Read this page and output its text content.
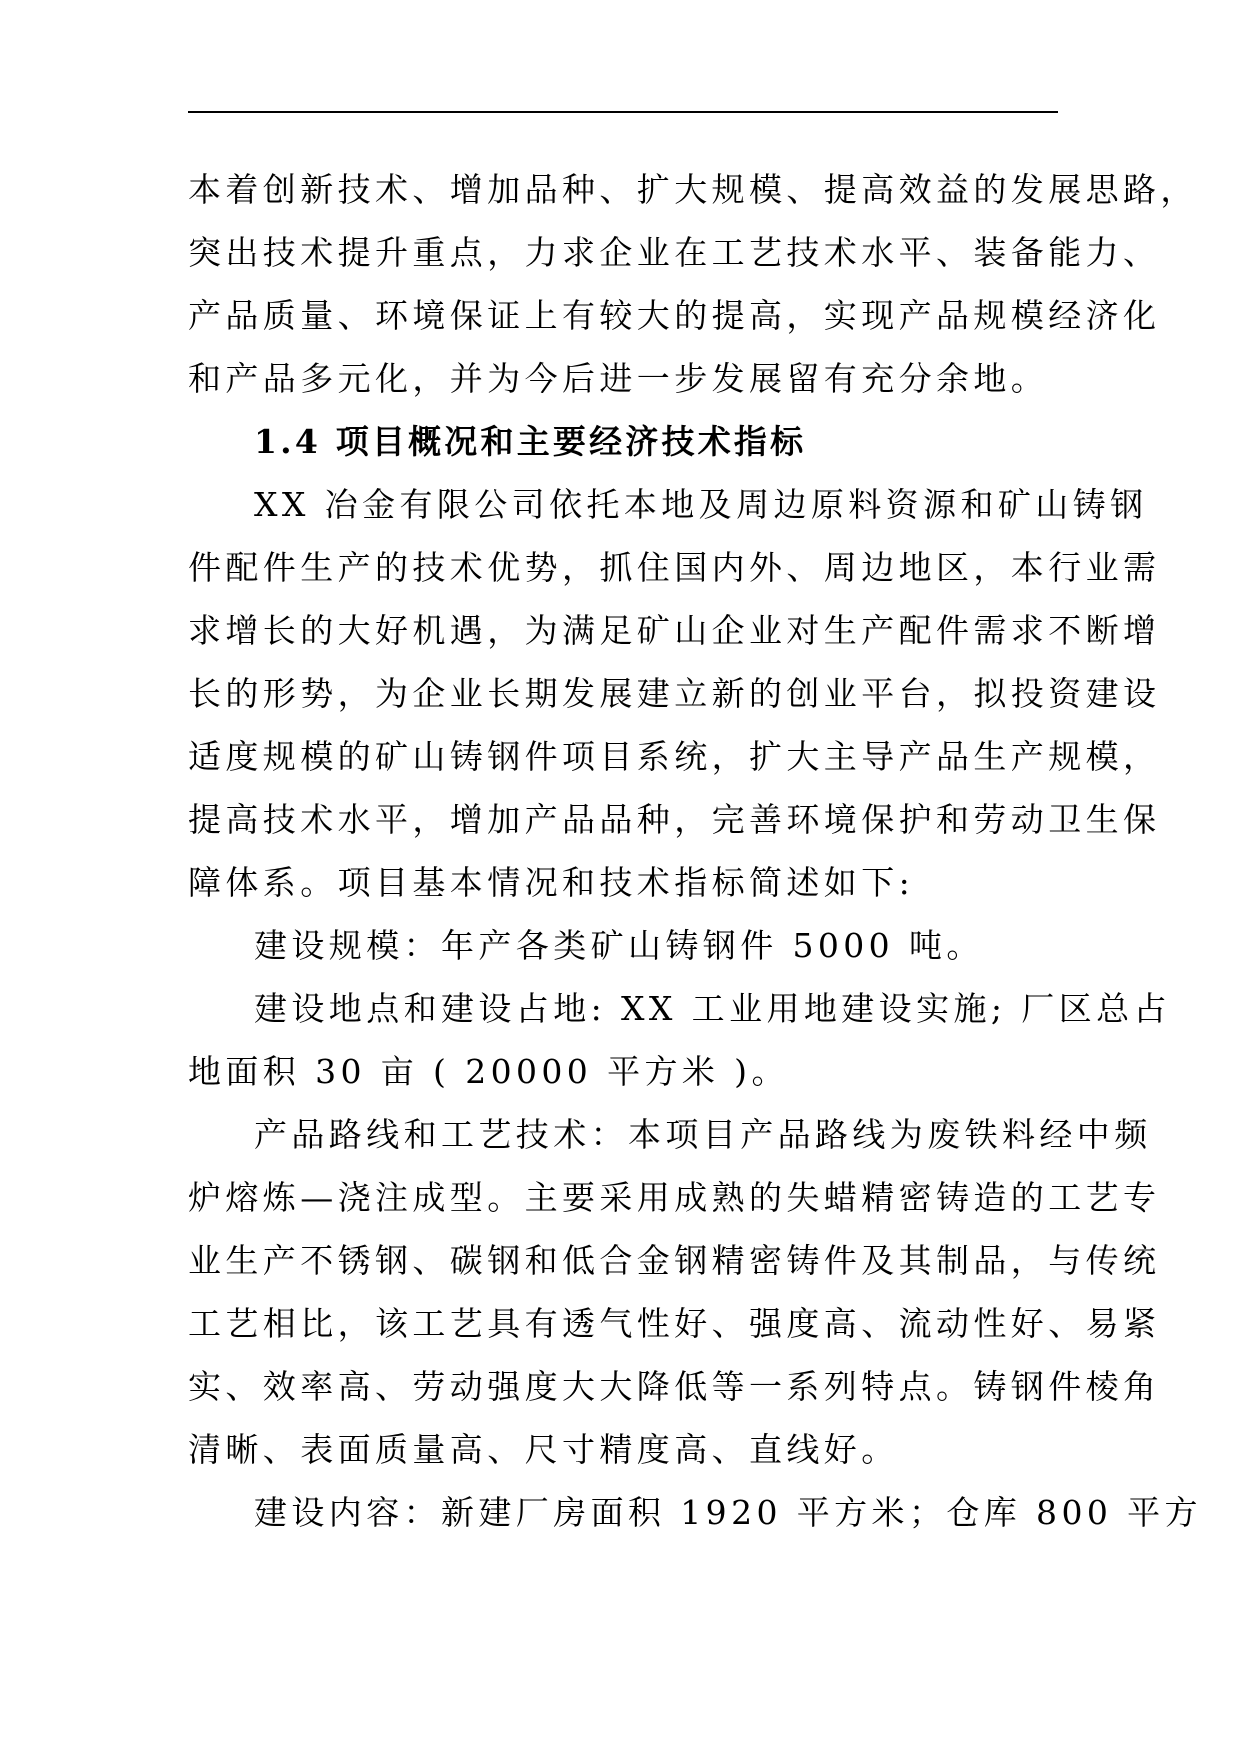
本着创新技术、增加品种、扩大规模、提高效益的发展思路，
突出技术提升重点，力求企业在工艺技术水平、装备能力、
产品质量、环境保证上有较大的提高，实现产品规模经济化
和产品多元化，并为今后进一步发展留有充分余地。
1.4 项目概况和主要经济技术指标
XX 冶金有限公司依托本地及周边原料资源和矿山铸钢
件配件生产的技术优势，抓住国内外、周边地区，本行业需
求增长的大好机遇，为满足矿山企业对生产配件需求不断增
长的形势，为企业长期发展建立新的创业平台，拟投资建设
适度规模的矿山铸钢件项目系统，扩大主导产品生产规模，
提高技术水平，增加产品品种，完善环境保护和劳动卫生保
障体系。项目基本情况和技术指标简述如下:
建设规模：年产各类矿山铸钢件 5000 吨。
建设地点和建设占地: XX 工业用地建设实施; 厂区总占
地面积 30 亩 ( 20000 平方米 )。
产品路线和工艺技术：本项目产品路线为废铁料经中频
炉熔炼—浇注成型。主要采用成熟的失蜡精密铸造的工艺专
业生产不锈钢、碳钢和低合金钢精密铸件及其制品，与传统
工艺相比，该工艺具有透气性好、强度高、流动性好、易紧
实、效率高、劳动强度大大降低等一系列特点。铸钢件棱角
清晰、表面质量高、尺寸精度高、直线好。
建设内容：新建厂房面积 1920 平方米；仓库 800 平方
